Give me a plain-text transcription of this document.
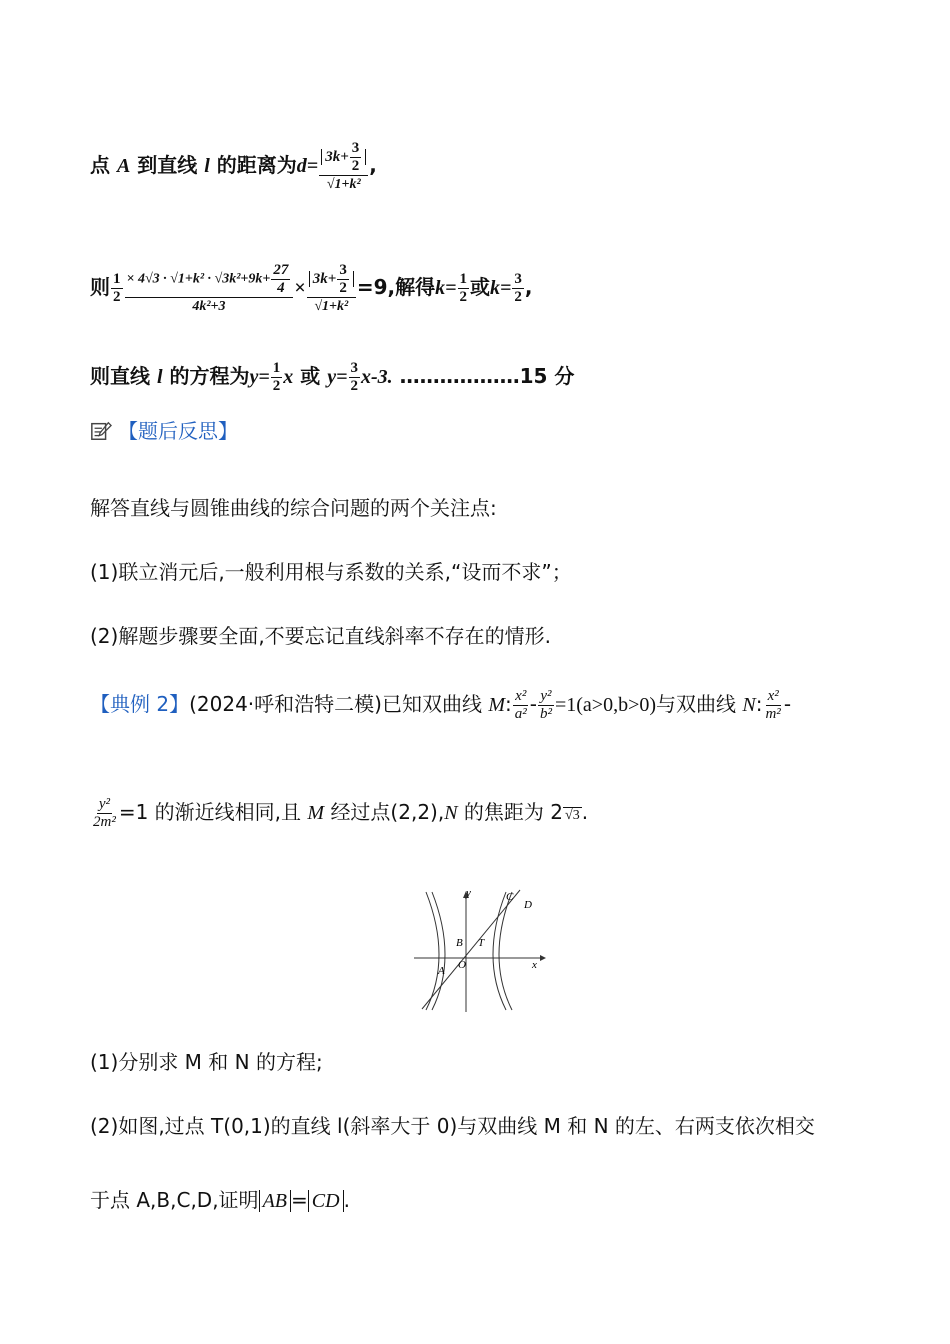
点 A 到直线 l 的距离为$d= \frac{3k+ \frac{3}{2}}{\text{√1+k²}}$ ,
则 $\frac{1}{2} \frac{\times 4√3 \cdot √1+k^2 \cdot √3k^2+9k+ \frac{27}{4}}{\text{4k²+3}} \times \frac{3k+ \frac{3}{2}}{\text{√1+k²}} =9$,解得$k= \frac{1}{2}$ 或$k= \frac{3}{2}$ ,
则直线 l 的方程为$y= \frac{1}{2}$ x 或 $y= \frac{3}{2} x-3$. ………………15 分
【题后反思】
解答直线与圆锥曲线的综合问题的两个关注点:
(1)联立消元后,一般利用根与系数的关系,“设而不求”；
(2)解题步骤要全面,不要忘记直线斜率不存在的情形.
【典例 2】(2024·呼和浩特二模)已知双曲线 M: $\frac{\text{x²}}{\text{a²}} - \frac{\text{y²}}{\text{b²}} =1(a>0,b>0)$与双曲线 N: $\frac{\text{x²}}{\text{m²}}$ -
$\frac{\text{y²}}{\text{2m²}} =1$ 的渐近线相同,且 M 经过点(2,2),N 的焦距为 2 √3 .
y
x
O
A
B T
C
D
(1)分别求 M 和 N 的方程;
(2)如图,过点 T(0,1)的直线 l(斜率大于 0)与双曲线 M 和 N 的左、右两支依次相交
于点 A,B,C,D,证明 AB = CD .
